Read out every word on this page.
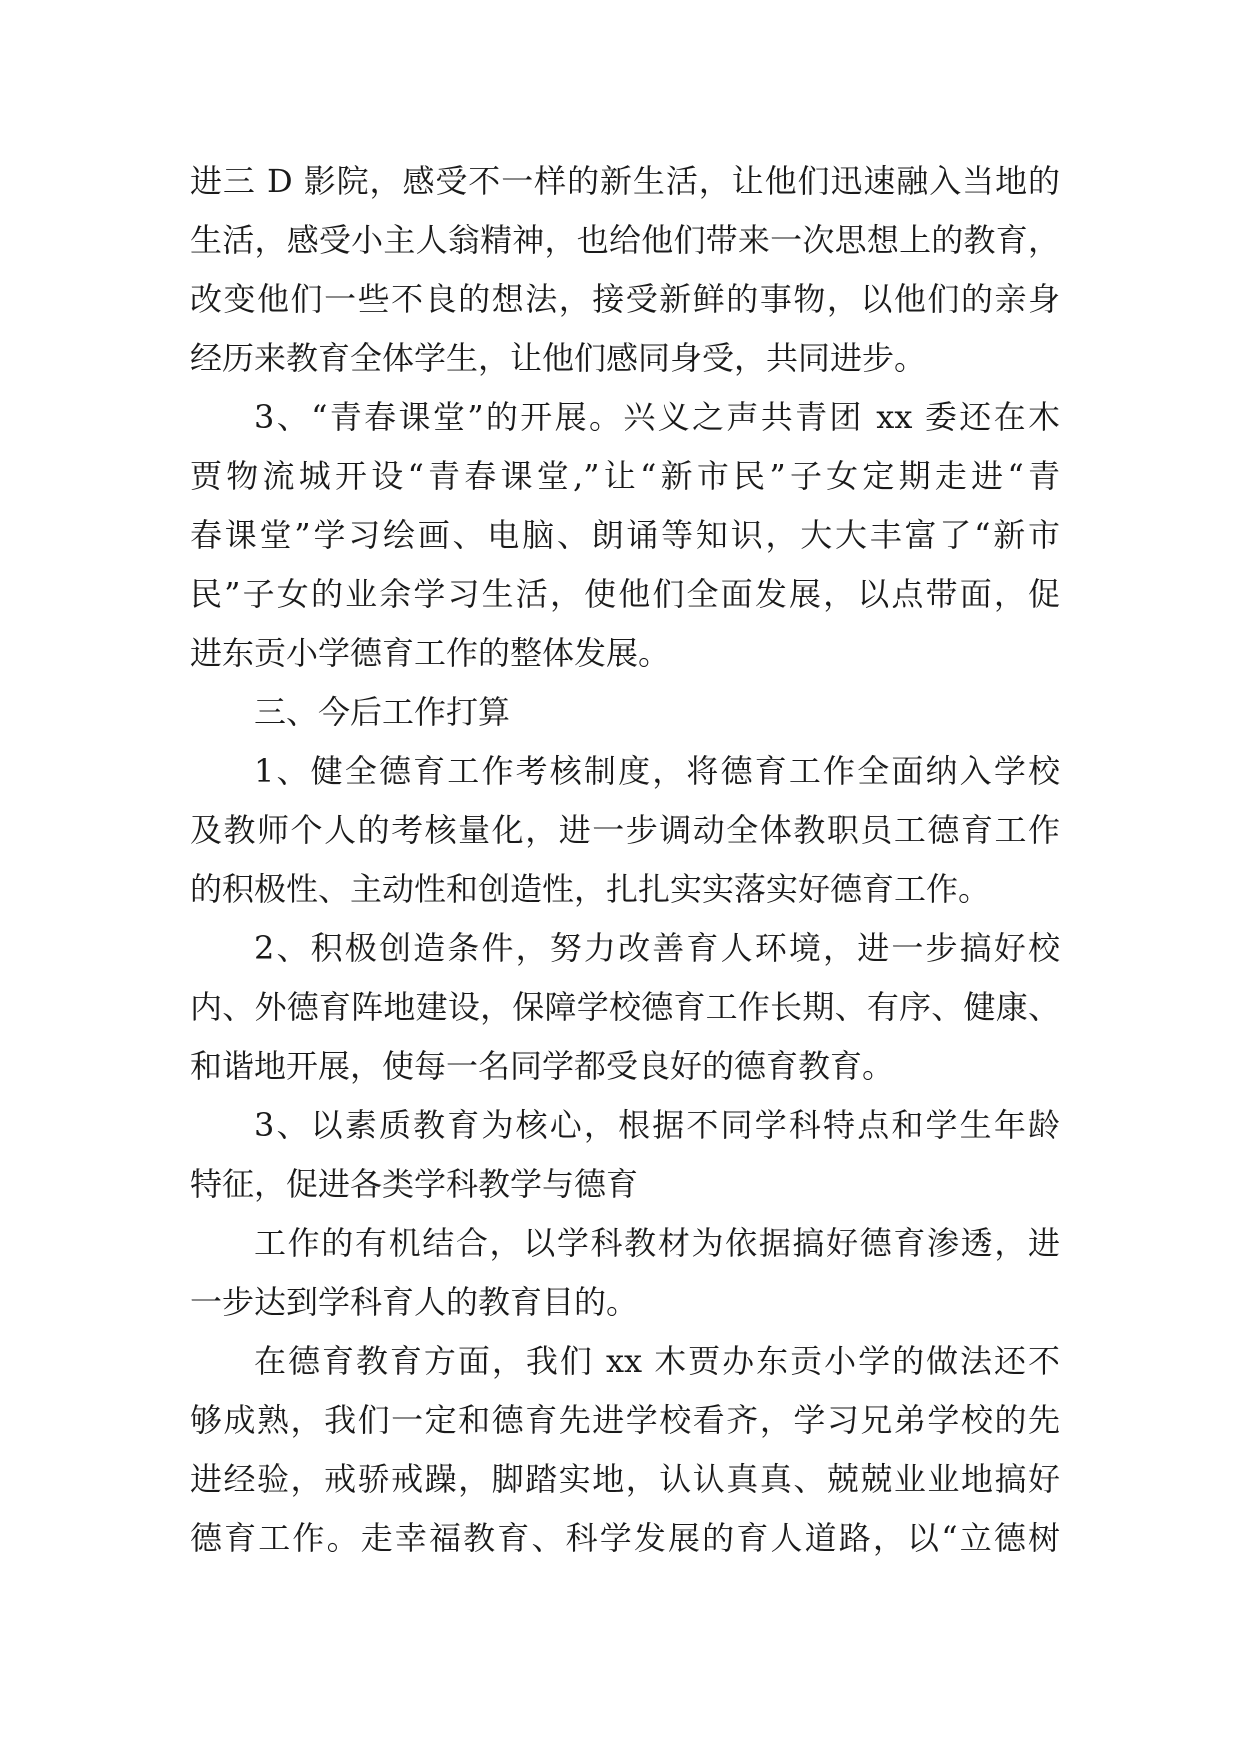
进三 D 影院，感受不一样的新生活，让他们迅速融入当地的
生活，感受小主人翁精神，也给他们带来一次思想上的教育，
改变他们一些不良的想法，接受新鲜的事物，以他们的亲身
经历来教育全体学生，让他们感同身受，共同进步。
3、“青春课堂”的开展。兴义之声共青团 xx 委还在木
贾物流城开设“青春课堂,”让“新市民”子女定期走进“青
春课堂”学习绘画、电脑、朗诵等知识，大大丰富了“新市
民”子女的业余学习生活，使他们全面发展，以点带面，促
进东贡小学德育工作的整体发展。
三、今后工作打算
1、健全德育工作考核制度，将德育工作全面纳入学校
及教师个人的考核量化，进一步调动全体教职员工德育工作
的积极性、主动性和创造性，扎扎实实落实好德育工作。
2、积极创造条件，努力改善育人环境，进一步搞好校
内、外德育阵地建设，保障学校德育工作长期、有序、健康、
和谐地开展，使每一名同学都受良好的德育教育。
3、以素质教育为核心，根据不同学科特点和学生年龄
特征，促进各类学科教学与德育
工作的有机结合，以学科教材为依据搞好德育渗透，进
一步达到学科育人的教育目的。
在德育教育方面，我们 xx 木贾办东贡小学的做法还不
够成熟，我们一定和德育先进学校看齐，学习兄弟学校的先
进经验，戒骄戒躁，脚踏实地，认认真真、兢兢业业地搞好
德育工作。走幸福教育、科学发展的育人道路，以“立德树
